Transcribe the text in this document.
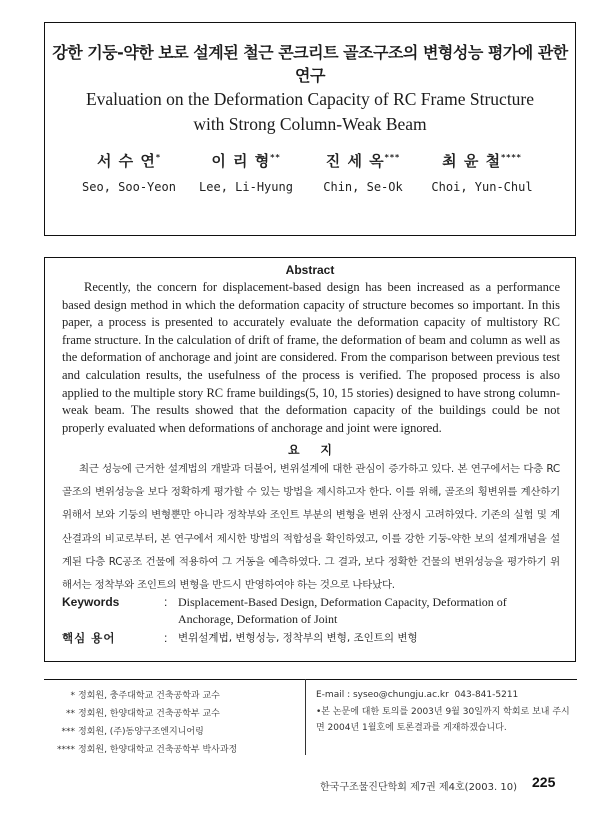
강한 기둥-약한 보로 설계된 철근 콘크리트 골조구조의 변형성능 평가에 관한 연구
Evaluation on the Deformation Capacity of RC Frame Structure
with Strong Column-Weak Beam
서 수 연*	이 리 형**	진 세 옥***	최 윤 철****
Seo, Soo-Yeon	Lee, Li-Hyung	Chin, Se-Ok	Choi, Yun-Chul
Abstract
Recently, the concern for displacement-based design has been increased as a performance based design method in which the deformation capacity of structure becomes so important. In this paper, a process is presented to accurately evaluate the deformation capacity of multistory RC frame structure. In the calculation of drift of frame, the deformation of beam and column as well as the deformation of anchorage and joint are considered. From the comparison between previous test and calculation results, the usefulness of the process is verified. The proposed process is also applied to the multiple story RC frame buildings(5, 10, 15 stories) designed to have strong column-weak beam. The results showed that the deformation capacity of the buildings could be not properly evaluated when deformations of anchorage and joint were ignored.
요     지
최근 성능에 근거한 설계법의 개발과 더불어, 변위설계에 대한 관심이 증가하고 있다. 본 연구에서는 다층 RC 골조의 변위성능을 보다 정확하게 평가할 수 있는 방법을 제시하고자 한다. 이를 위해, 골조의 횡변위를 계산하기 위해서 보와 기둥의 변형뿐만 아니라 정착부와 조인트 부분의 변형을 변위 산정시 고려하였다. 기존의 실험 및 계산결과의 비교로부터, 본 연구에서 제시한 방법의 적합성을 확인하였고, 이를 강한 기둥-약한 보의 설계개념을 설계된 다층 RC공조 건물에 적용하여 그 거동을 예측하였다. 그 결과, 보다 정확한 건물의 변위성능을 평가하기 위해서는 정착부와 조인트의 변형을 반드시 반영하여야 하는 것으로 나타났다.
Keywords	: Displacement-Based Design, Deformation Capacity, Deformation of Anchorage, Deformation of Joint
핵심 용어	: 변위설계법, 변형성능, 정착부의 변형, 조인트의 변형
* 정회원, 충주대학교 건축공학과 교수
** 정회원, 한양대학교 건축공학부 교수
*** 정회원, (주)동양구조엔지니어링
**** 정회원, 한양대학교 건축공학부 박사과정
E-mail : syseo@chungju.ac.kr  043-841-5211
•본 논문에 대한 토의를 2003년 9월 30일까지 학회로 보내 주시면 2004년 1월호에 토론결과를 게재하겠습니다.
한국구조물진단학회 제7권 제4호(2003. 10) 225
